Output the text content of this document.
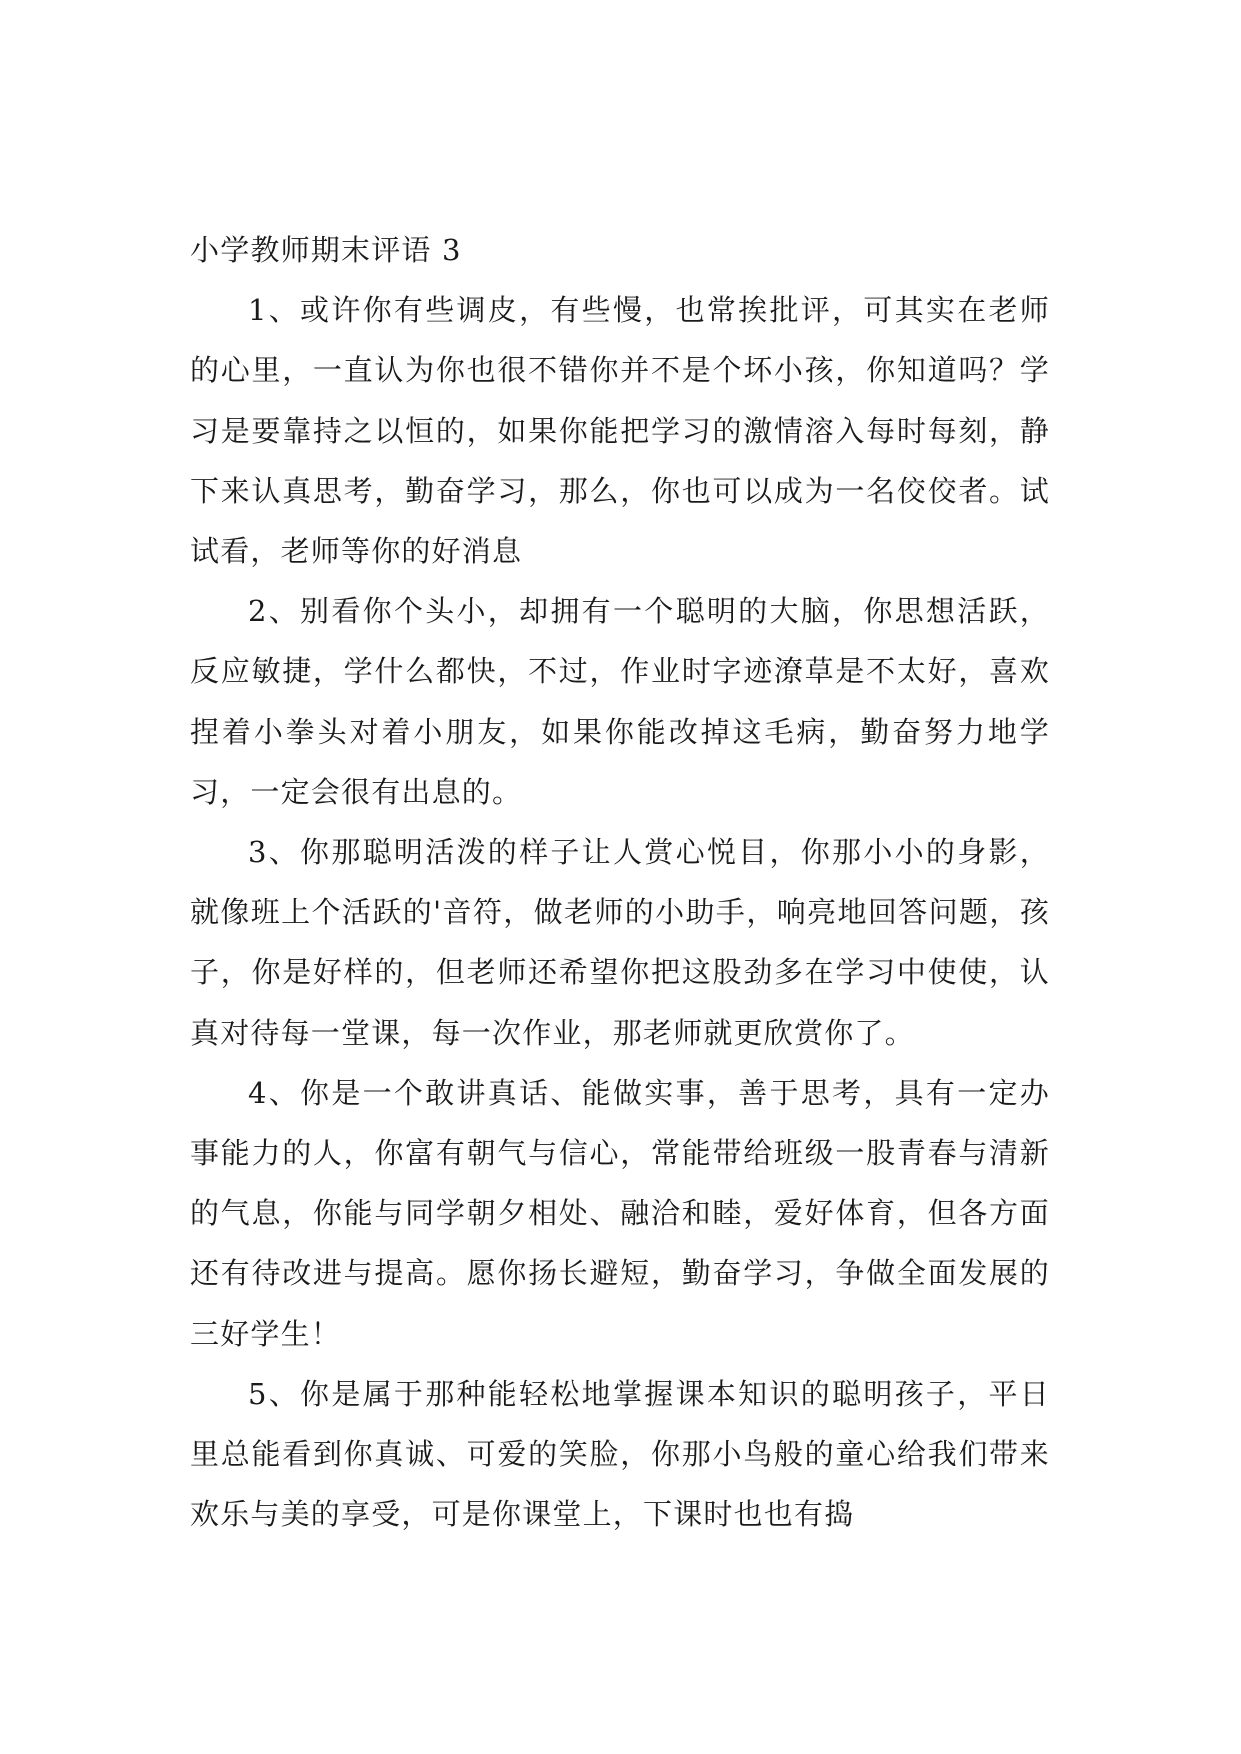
小学教师期末评语 3

1、或许你有些调皮，有些慢，也常挨批评，可其实在老师的心里，一直认为你也很不错你并不是个坏小孩，你知道吗？学习是要靠持之以恒的，如果你能把学习的激情溶入每时每刻，静下来认真思考，勤奋学习，那么，你也可以成为一名佼佼者。试试看，老师等你的好消息

2、别看你个头小，却拥有一个聪明的大脑，你思想活跃，反应敏捷，学什么都快，不过，作业时字迹潦草是不太好，喜欢捏着小拳头对着小朋友，如果你能改掉这毛病，勤奋努力地学习，一定会很有出息的。

3、你那聪明活泼的样子让人赏心悦目，你那小小的身影，就像班上个活跃的'音符，做老师的小助手，响亮地回答问题，孩子，你是好样的，但老师还希望你把这股劲多在学习中使使，认真对待每一堂课，每一次作业，那老师就更欣赏你了。

4、你是一个敢讲真话、能做实事，善于思考，具有一定办事能力的人，你富有朝气与信心，常能带给班级一股青春与清新的气息，你能与同学朝夕相处、融洽和睦，爱好体育，但各方面还有待改进与提高。愿你扬长避短，勤奋学习，争做全面发展的三好学生！

5、你是属于那种能轻松地掌握课本知识的聪明孩子，平日里总能看到你真诚、可爱的笑脸，你那小鸟般的童心给我们带来欢乐与美的享受，可是你课堂上，下课时也也有捣
